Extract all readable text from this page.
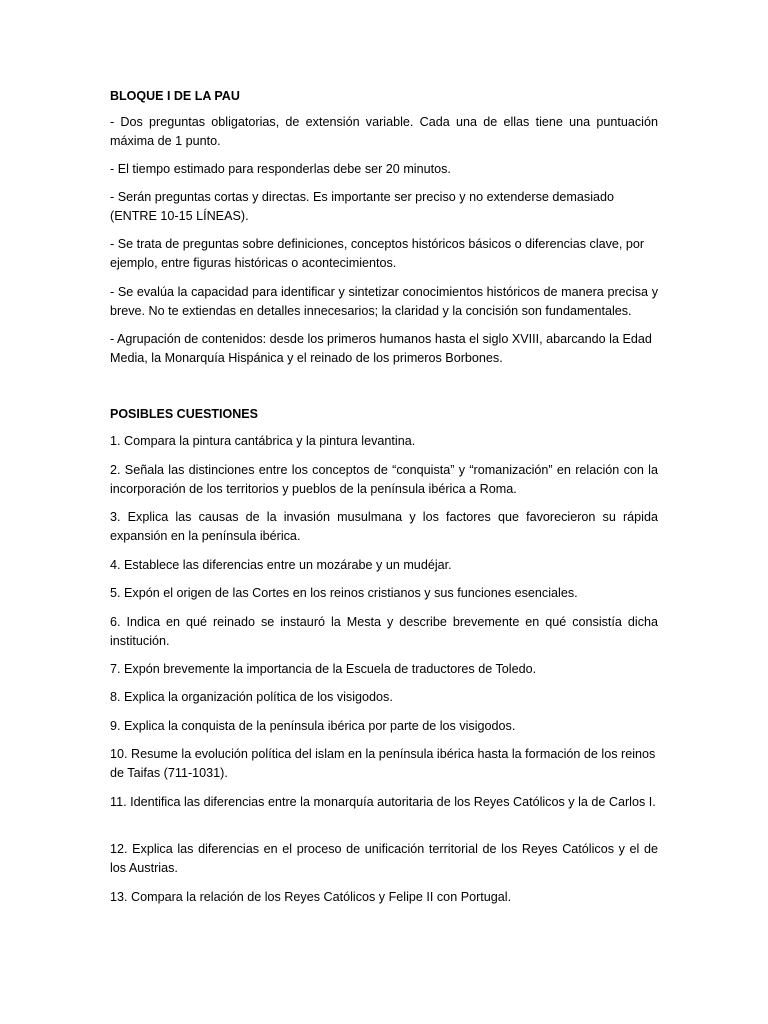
BLOQUE I DE LA PAU

- Dos preguntas obligatorias, de extensión variable. Cada una de ellas tiene una puntuación máxima de 1 punto.

- El tiempo estimado para responderlas debe ser 20 minutos.

- Serán preguntas cortas y directas. Es importante ser preciso y no extenderse demasiado (ENTRE 10-15 LÍNEAS).

- Se trata de preguntas sobre definiciones, conceptos históricos básicos o diferencias clave, por ejemplo, entre figuras históricas o acontecimientos.

- Se evalúa la capacidad para identificar y sintetizar conocimientos históricos de manera precisa y breve. No te extiendas en detalles innecesarios; la claridad y la concisión son fundamentales.

- Agrupación de contenidos: desde los primeros humanos hasta el siglo XVIII, abarcando la Edad Media, la Monarquía Hispánica y el reinado de los primeros Borbones.

POSIBLES CUESTIONES

1. Compara la pintura cantábrica y la pintura levantina.

2. Señala las distinciones entre los conceptos de “conquista” y “romanización” en relación con la incorporación de los territorios y pueblos de la península ibérica a Roma.

3. Explica las causas de la invasión musulmana y los factores que favorecieron su rápida expansión en la península ibérica.

4. Establece las diferencias entre un mozárabe y un mudéjar.

5. Expón el origen de las Cortes en los reinos cristianos y sus funciones esenciales.

6. Indica en qué reinado se instauró la Mesta y describe brevemente en qué consistía dicha institución.

7. Expón brevemente la importancia de la Escuela de traductores de Toledo.

8. Explica la organización política de los visigodos.

9. Explica la conquista de la península ibérica por parte de los visigodos.

10. Resume la evolución política del islam en la península ibérica hasta la formación de los reinos de Taifas (711-1031).

11. Identifica las diferencias entre la monarquía autoritaria de los Reyes Católicos y la de Carlos I.

12. Explica las diferencias en el proceso de unificación territorial de los Reyes Católicos y el de los Austrias.

13. Compara la relación de los Reyes Católicos y Felipe II con Portugal.
